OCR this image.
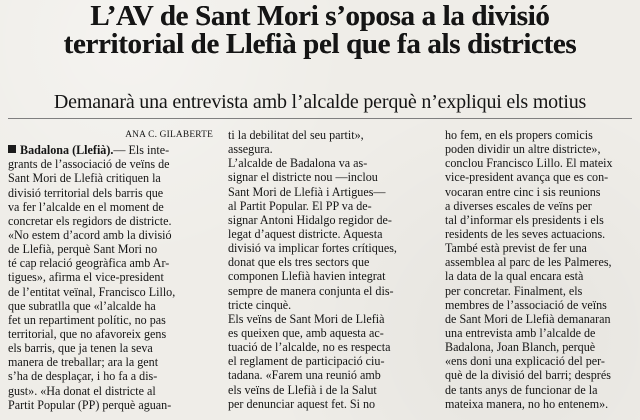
L’AV de Sant Mori s’oposa a la divisió
territorial de Llefià pel que fa als districtes
Demanarà una entrevista amb l’alcalde perquè n’expliqui els motius
ANA C. GILABERTE
Badalona (Llefià).— Els inte-
grants de l’associació de veïns de
Sant Mori de Llefià critiquen la
divisió territorial dels barris que
va fer l’alcalde en el moment de
concretar els regidors de districte.
«No estem d’acord amb la divisió
de Llefià, perquè Sant Mori no
té cap relació geogràfica amb Ar-
tigues», afirma el vice-president
de l’entitat veïnal, Francisco Lillo,
que subratlla que «l’alcalde ha
fet un repartiment polític, no pas
territorial, que no afavoreix gens
els barris, que ja tenen la seva
manera de treballar; ara la gent
s’ha de desplaçar, i ho fa a dis-
gust». «Ha donat el districte al
Partit Popular (PP) perquè aguan-
ti la debilitat del seu partit»,
assegura.
L’alcalde de Badalona va as-
signar el districte nou —inclou
Sant Mori de Llefià i Artigues—
al Partit Popular. El PP va de-
signar Antoni Hidalgo regidor de-
legat d’aquest districte. Aquesta
divisió va implicar fortes crítiques,
donat que els tres sectors que
componen Llefià havien integrat
sempre de manera conjunta el dis-
tricte cinquè.
Els veïns de Sant Mori de Llefià
es queixen que, amb aquesta ac-
tuació de l’alcalde, no es respecta
el reglament de participació ciu-
tadana. «Farem una reunió amb
els veïns de Llefià i de la Salut
per denunciar aquest fet. Si no
ho fem, en els propers comicis
poden dividir un altre districte»,
conclou Francisco Lillo. El mateix
vice-president avança que es con-
vocaran entre cinc i sis reunions
a diverses escales de veïns per
tal d’informar els presidents i els
residents de les seves actuacions.
També està previst de fer una
assemblea al parc de les Palmeres,
la data de la qual encara està
per concretar. Finalment, els
membres de l’associació de veïns
de Sant Mori de Llefià demanaran
una entrevista amb l’alcalde de
Badalona, Joan Blanch, perquè
«ens doni una explicació del per-
què de la divisió del barri; després
de tants anys de funcionar de la
mateixa manera, no ho entenem».
